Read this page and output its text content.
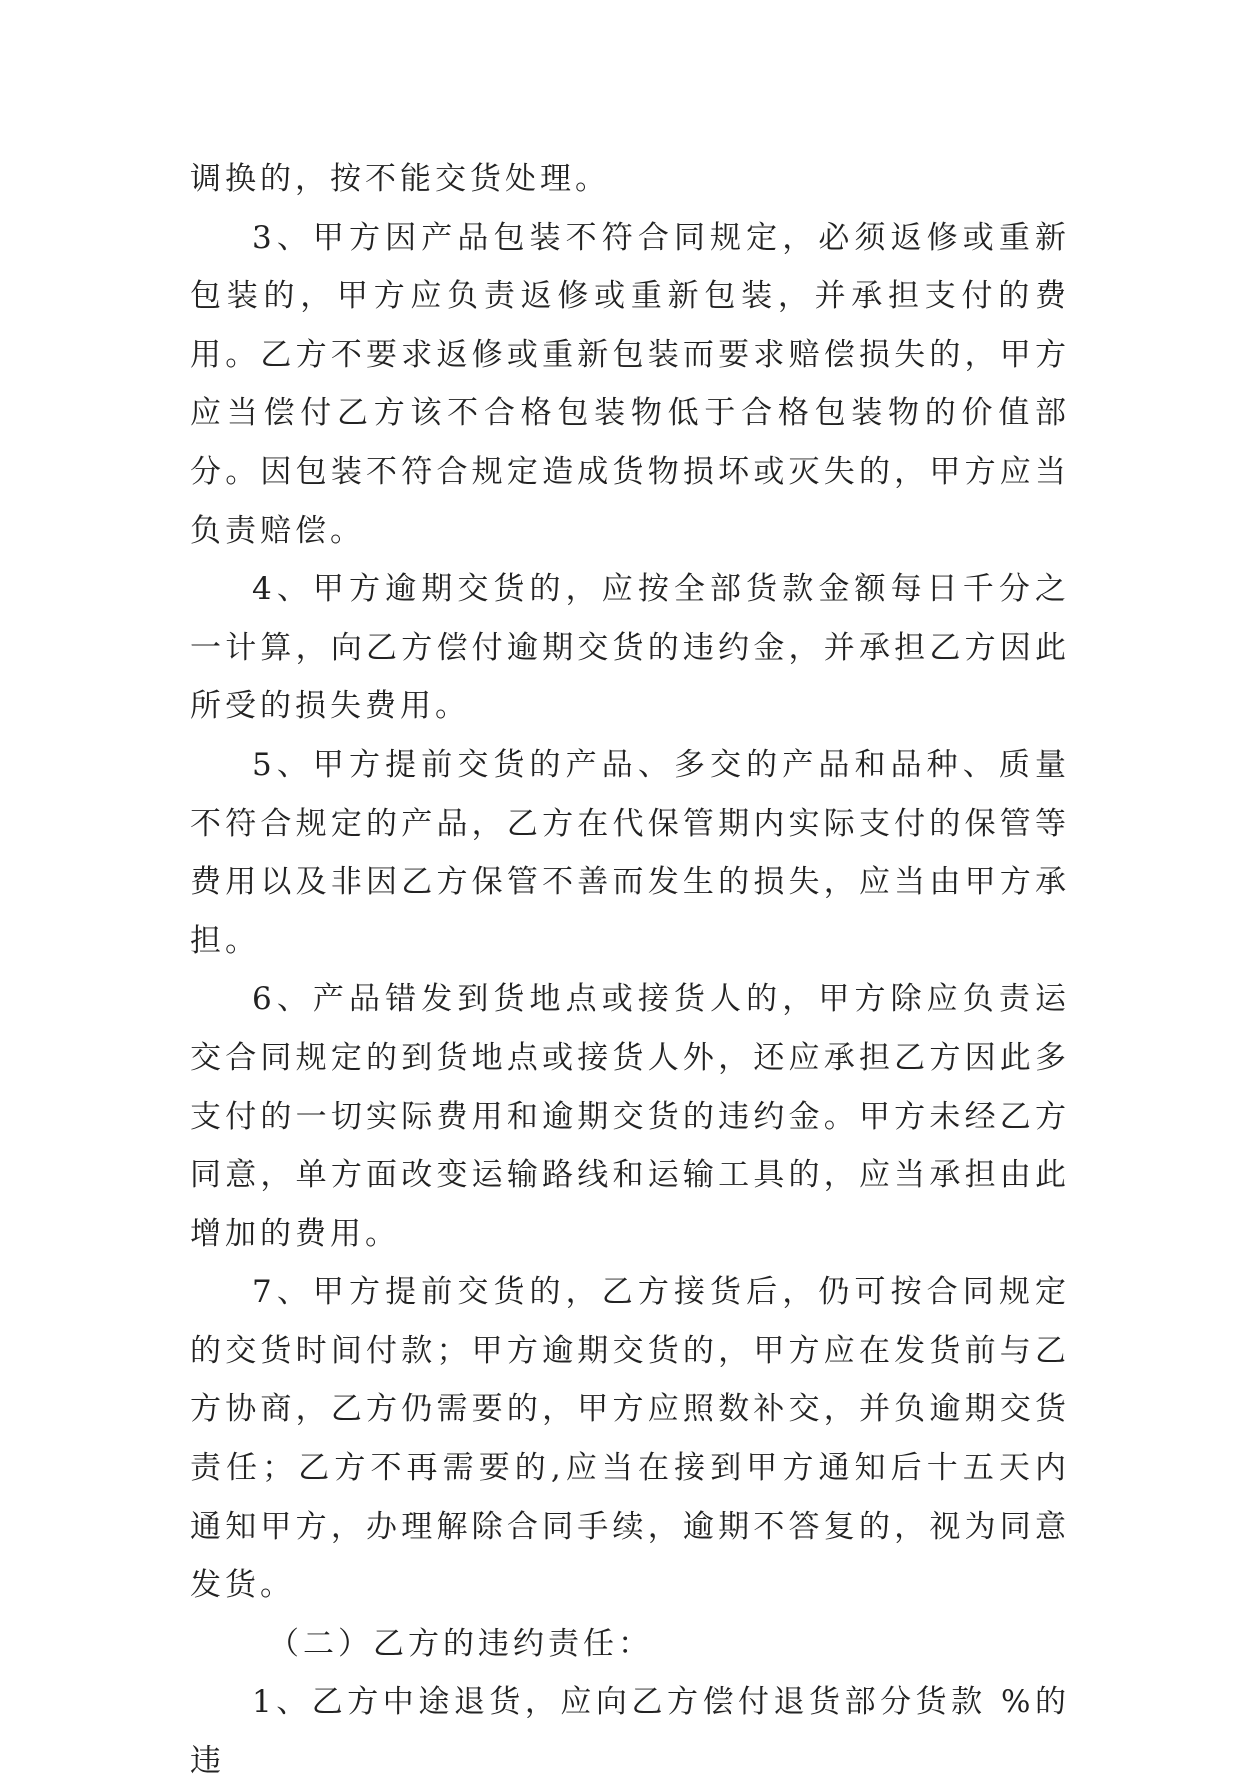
调换的，按不能交货处理。

3、甲方因产品包装不符合同规定，必须返修或重新包装的，甲方应负责返修或重新包装，并承担支付的费用。乙方不要求返修或重新包装而要求赔偿损失的，甲方应当偿付乙方该不合格包装物低于合格包装物的价值部分。因包装不符合规定造成货物损坏或灭失的，甲方应当负责赔偿。

4、甲方逾期交货的，应按全部货款金额每日千分之一计算，向乙方偿付逾期交货的违约金，并承担乙方因此所受的损失费用。

5、甲方提前交货的产品、多交的产品和品种、质量不符合规定的产品，乙方在代保管期内实际支付的保管等费用以及非因乙方保管不善而发生的损失，应当由甲方承担。

6、产品错发到货地点或接货人的，甲方除应负责运交合同规定的到货地点或接货人外，还应承担乙方因此多支付的一切实际费用和逾期交货的违约金。甲方未经乙方同意，单方面改变运输路线和运输工具的，应当承担由此增加的费用。

7、甲方提前交货的，乙方接货后，仍可按合同规定的交货时间付款；甲方逾期交货的，甲方应在发货前与乙方协商，乙方仍需要的，甲方应照数补交，并负逾期交货责任；乙方不再需要的,应当在接到甲方通知后十五天内通知甲方，办理解除合同手续，逾期不答复的，视为同意发货。

（二）乙方的违约责任：

1、乙方中途退货，应向乙方偿付退货部分货款 %的违
